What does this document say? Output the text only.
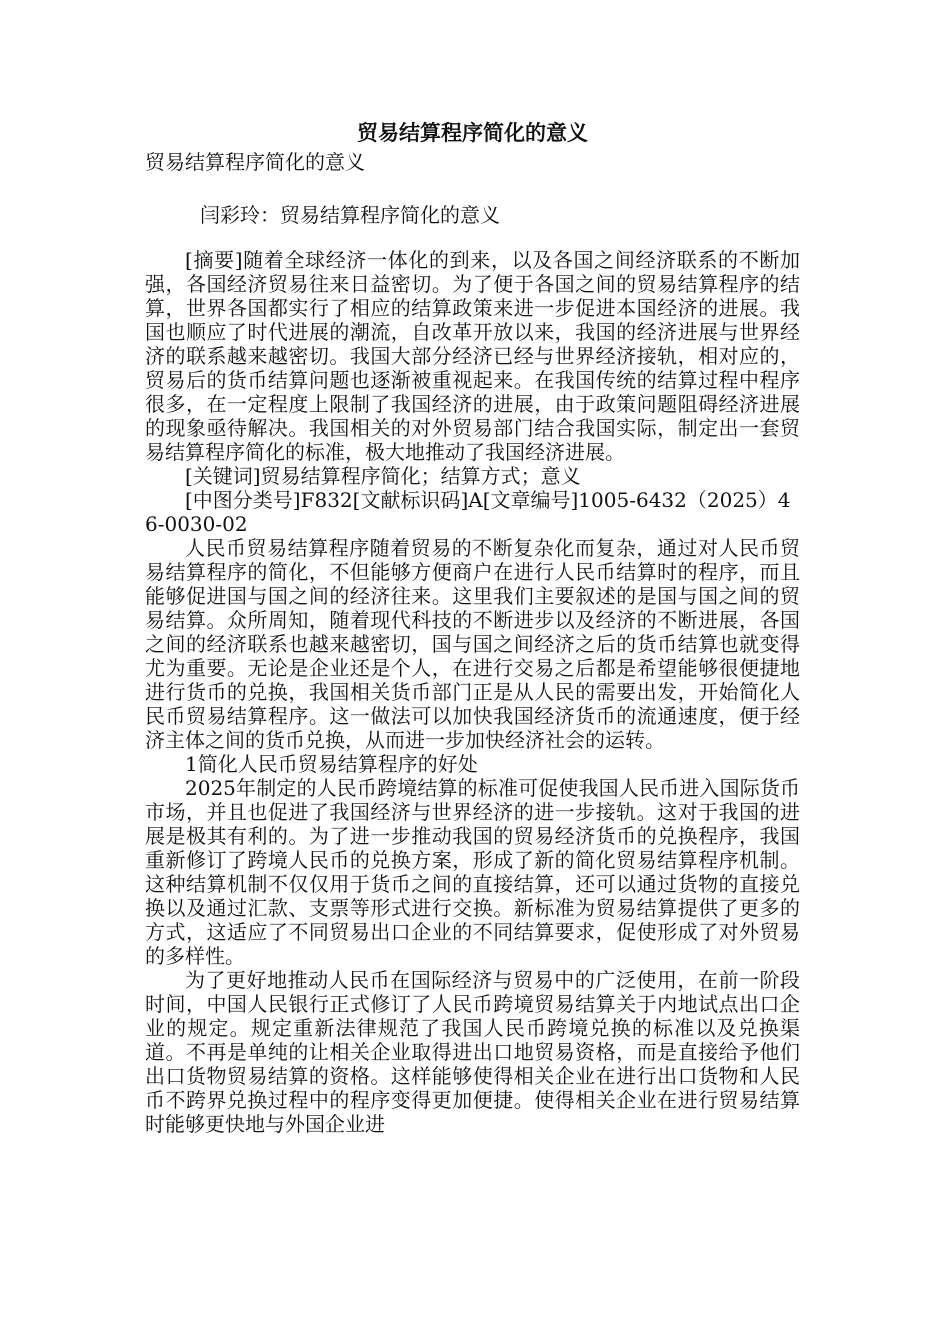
贸易结算程序简化的意义

贸易结算程序简化的意义

闫彩玲：贸易结算程序简化的意义

[摘要]随着全球经济一体化的到来，以及各国之间经济联系的不断加强，各国经济贸易往来日益密切。为了便于各国之间的贸易结算程序的结算，世界各国都实行了相应的结算政策来进一步促进本国经济的进展。我国也顺应了时代进展的潮流，自改革开放以来，我国的经济进展与世界经济的联系越来越密切。我国大部分经济已经与世界经济接轨，相对应的，贸易后的货币结算问题也逐渐被重视起来。在我国传统的结算过程中程序很多，在一定程度上限制了我国经济的进展，由于政策问题阻碍经济进展的现象亟待解决。我国相关的对外贸易部门结合我国实际，制定出一套贸易结算程序简化的标准，极大地推动了我国经济进展。

[关键词]贸易结算程序简化；结算方式；意义

[中图分类号]F832[文献标识码]A[文章编号]1005-6432（2025）46-0030-02

人民币贸易结算程序随着贸易的不断复杂化而复杂，通过对人民币贸易结算程序的简化，不但能够方便商户在进行人民币结算时的程序，而且能够促进国与国之间的经济往来。这里我们主要叙述的是国与国之间的贸易结算。众所周知，随着现代科技的不断进步以及经济的不断进展，各国之间的经济联系也越来越密切，国与国之间经济之后的货币结算也就变得尤为重要。无论是企业还是个人，在进行交易之后都是希望能够很便捷地进行货币的兑换，我国相关货币部门正是从人民的需要出发，开始简化人民币贸易结算程序。这一做法可以加快我国经济货币的流通速度，便于经济主体之间的货币兑换，从而进一步加快经济社会的运转。

1简化人民币贸易结算程序的好处

2025年制定的人民币跨境结算的标准可促使我国人民币进入国际货币市场，并且也促进了我国经济与世界经济的进一步接轨。这对于我国的进展是极其有利的。为了进一步推动我国的贸易经济货币的兑换程序，我国重新修订了跨境人民币的兑换方案，形成了新的简化贸易结算程序机制。这种结算机制不仅仅用于货币之间的直接结算，还可以通过货物的直接兑换以及通过汇款、支票等形式进行交换。新标准为贸易结算提供了更多的方式，这适应了不同贸易出口企业的不同结算要求，促使形成了对外贸易的多样性。

为了更好地推动人民币在国际经济与贸易中的广泛使用，在前一阶段时间，中国人民银行正式修订了人民币跨境贸易结算关于内地试点出口企业的规定。规定重新法律规范了我国人民币跨境兑换的标准以及兑换渠道。不再是单纯的让相关企业取得进出口地贸易资格，而是直接给予他们出口货物贸易结算的资格。这样能够使得相关企业在进行出口货物和人民币不跨界兑换过程中的程序变得更加便捷。使得相关企业在进行贸易结算时能够更快地与外国企业进
